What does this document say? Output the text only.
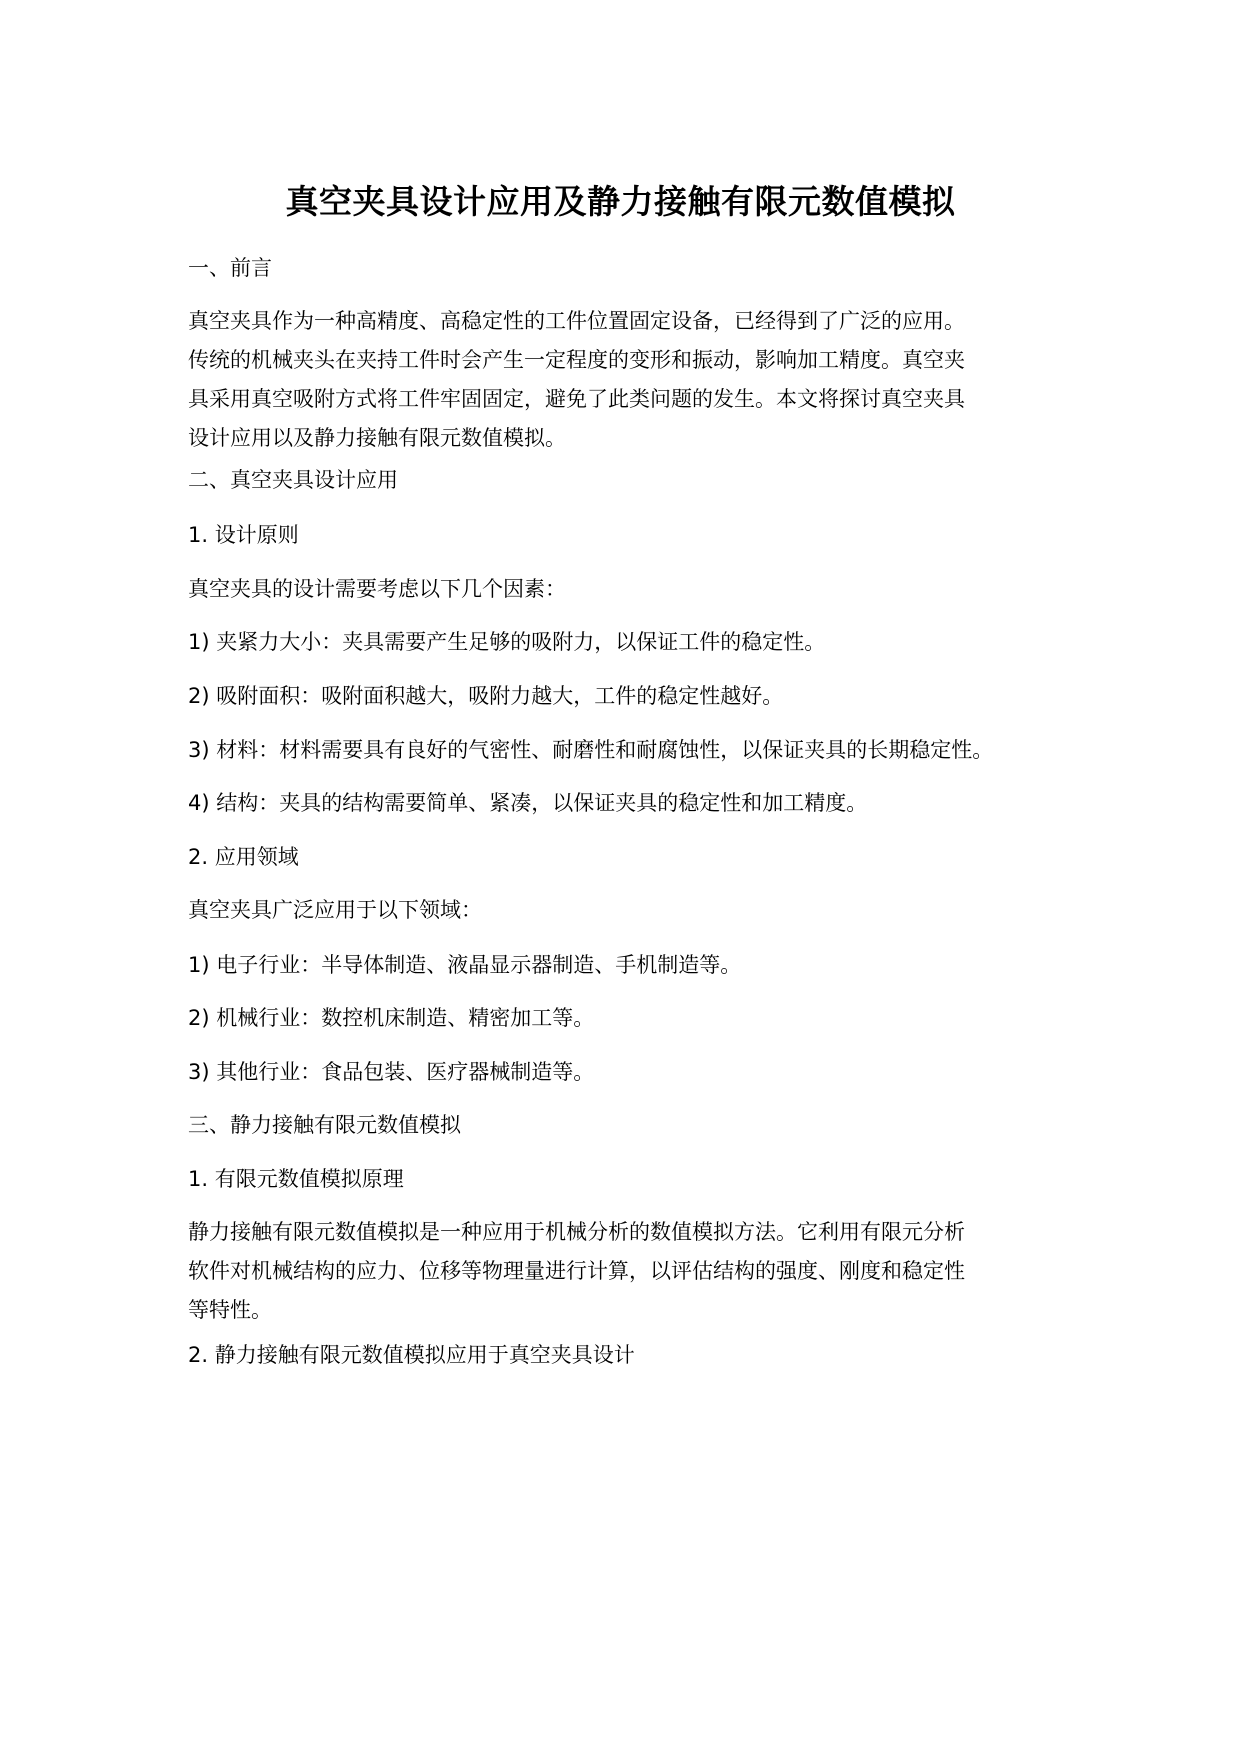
真空夹具设计应用及静力接触有限元数值模拟
一、前言
真空夹具作为一种高精度、高稳定性的工件位置固定设备，已经得到了广泛的应用。
传统的机械夹头在夹持工件时会产生一定程度的变形和振动，影响加工精度。真空夹
具采用真空吸附方式将工件牢固固定，避免了此类问题的发生。本文将探讨真空夹具
设计应用以及静力接触有限元数值模拟。
二、真空夹具设计应用
1. 设计原则
真空夹具的设计需要考虑以下几个因素：
1) 夹紧力大小：夹具需要产生足够的吸附力，以保证工件的稳定性。
2) 吸附面积：吸附面积越大，吸附力越大，工件的稳定性越好。
3) 材料：材料需要具有良好的气密性、耐磨性和耐腐蚀性，以保证夹具的长期稳定性。
4) 结构：夹具的结构需要简单、紧凑，以保证夹具的稳定性和加工精度。
2. 应用领域
真空夹具广泛应用于以下领域：
1) 电子行业：半导体制造、液晶显示器制造、手机制造等。
2) 机械行业：数控机床制造、精密加工等。
3) 其他行业：食品包装、医疗器械制造等。
三、静力接触有限元数值模拟
1. 有限元数值模拟原理
静力接触有限元数值模拟是一种应用于机械分析的数值模拟方法。它利用有限元分析
软件对机械结构的应力、位移等物理量进行计算，以评估结构的强度、刚度和稳定性
等特性。
2. 静力接触有限元数值模拟应用于真空夹具设计
